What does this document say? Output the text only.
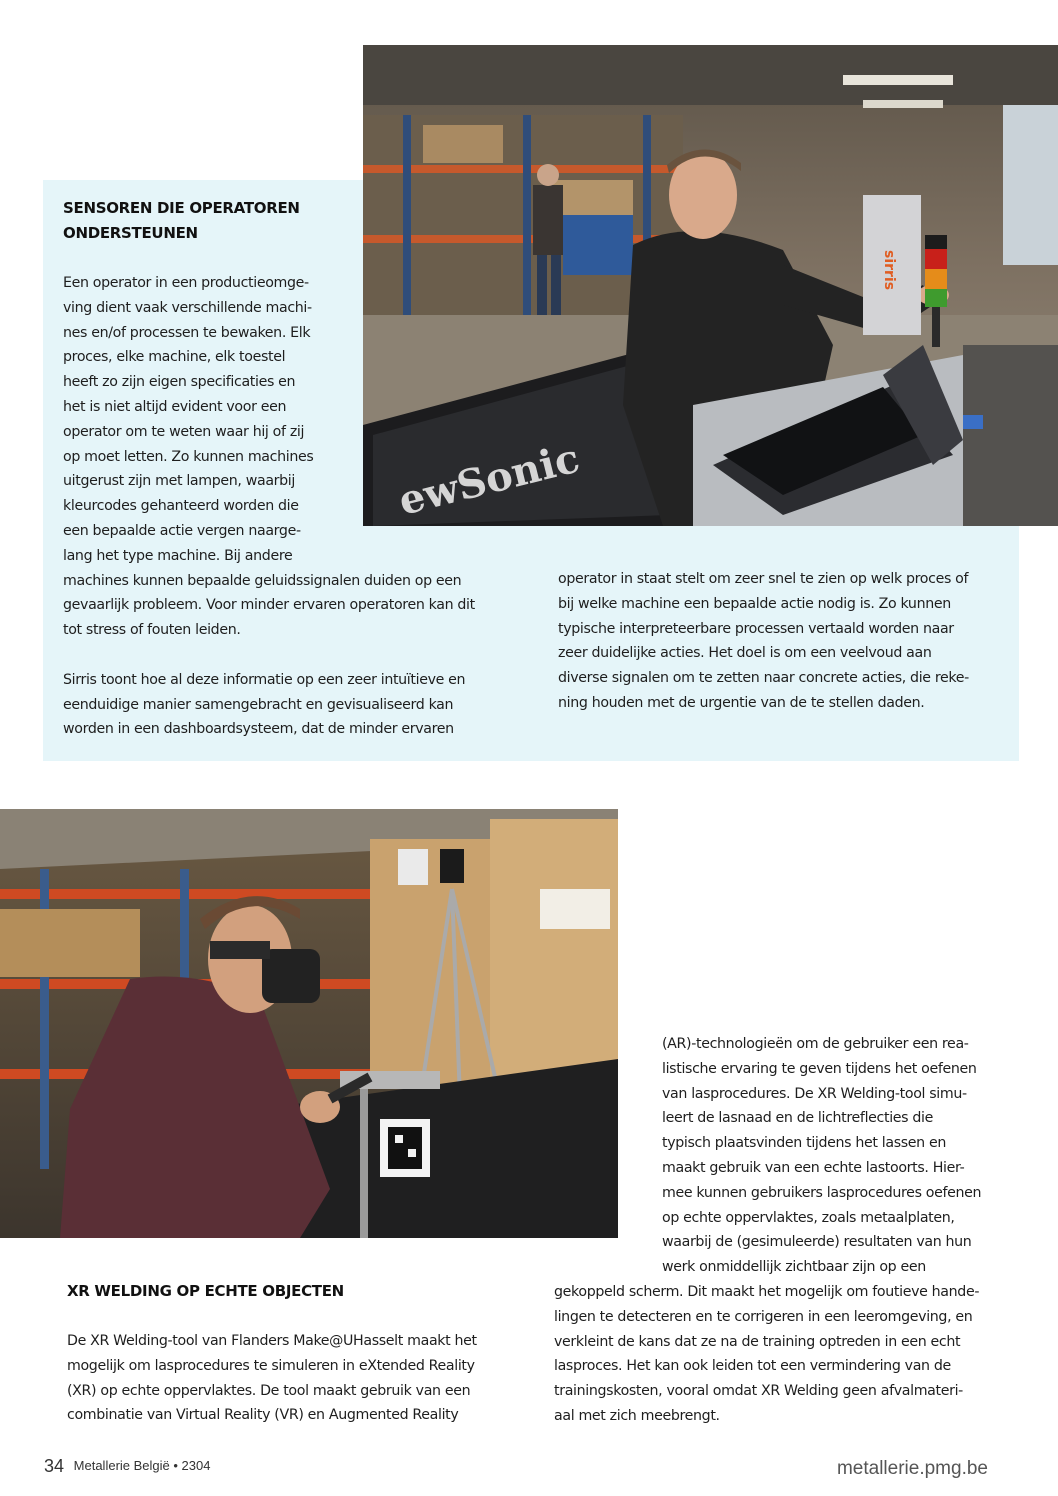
ewSonic
sirris
SENSOREN DIE OPERATOREN
ONDERSTEUNEN
Een operator in een productieomge-
ving dient vaak verschillende machi-
nes en/of processen te bewaken. Elk
proces, elke machine, elk toestel
heeft zo zijn eigen specificaties en
het is niet altijd evident voor een
operator om te weten waar hij of zij
op moet letten. Zo kunnen machines
uitgerust zijn met lampen, waarbij
kleurcodes gehanteerd worden die
een bepaalde actie vergen naarge-
lang het type machine. Bij andere
machines kunnen bepaalde geluidssignalen duiden op een
gevaarlijk probleem. Voor minder ervaren operatoren kan dit
tot stress of fouten leiden.
Sirris toont hoe al deze informatie op een zeer intuïtieve en
eenduidige manier samengebracht en gevisualiseerd kan
worden in een dashboardsysteem, dat de minder ervaren
operator in staat stelt om zeer snel te zien op welk proces of
bij welke machine een bepaalde actie nodig is. Zo kunnen
typische interpreteerbare processen vertaald worden naar
zeer duidelijke acties. Het doel is om een veelvoud aan
diverse signalen om te zetten naar concrete acties, die reke-
ning houden met de urgentie van de te stellen daden.
XR WELDING OP ECHTE OBJECTEN
De XR Welding-tool van Flanders Make@UHasselt maakt het
mogelijk om lasprocedures te simuleren in eXtended Reality
(XR) op echte oppervlaktes. De tool maakt gebruik van een
combinatie van Virtual Reality (VR) en Augmented Reality
(AR)-technologieën om de gebruiker een rea-
listische ervaring te geven tijdens het oefenen
van lasprocedures. De XR Welding-tool simu-
leert de lasnaad en de lichtreflecties die
typisch plaatsvinden tijdens het lassen en
maakt gebruik van een echte lastoorts. Hier-
mee kunnen gebruikers lasprocedures oefenen
op echte oppervlaktes, zoals metaalplaten,
waarbij de (gesimuleerde) resultaten van hun
werk onmiddellijk zichtbaar zijn op een
gekoppeld scherm. Dit maakt het mogelijk om foutieve hande-
lingen te detecteren en te corrigeren in een leeromgeving, en
verkleint de kans dat ze na de training optreden in een echt
lasproces. Het kan ook leiden tot een vermindering van de
trainingskosten, vooral omdat XR Welding geen afvalmateri-
aal met zich meebrengt.
34 Metallerie België • 2304	metallerie.pmg.be
